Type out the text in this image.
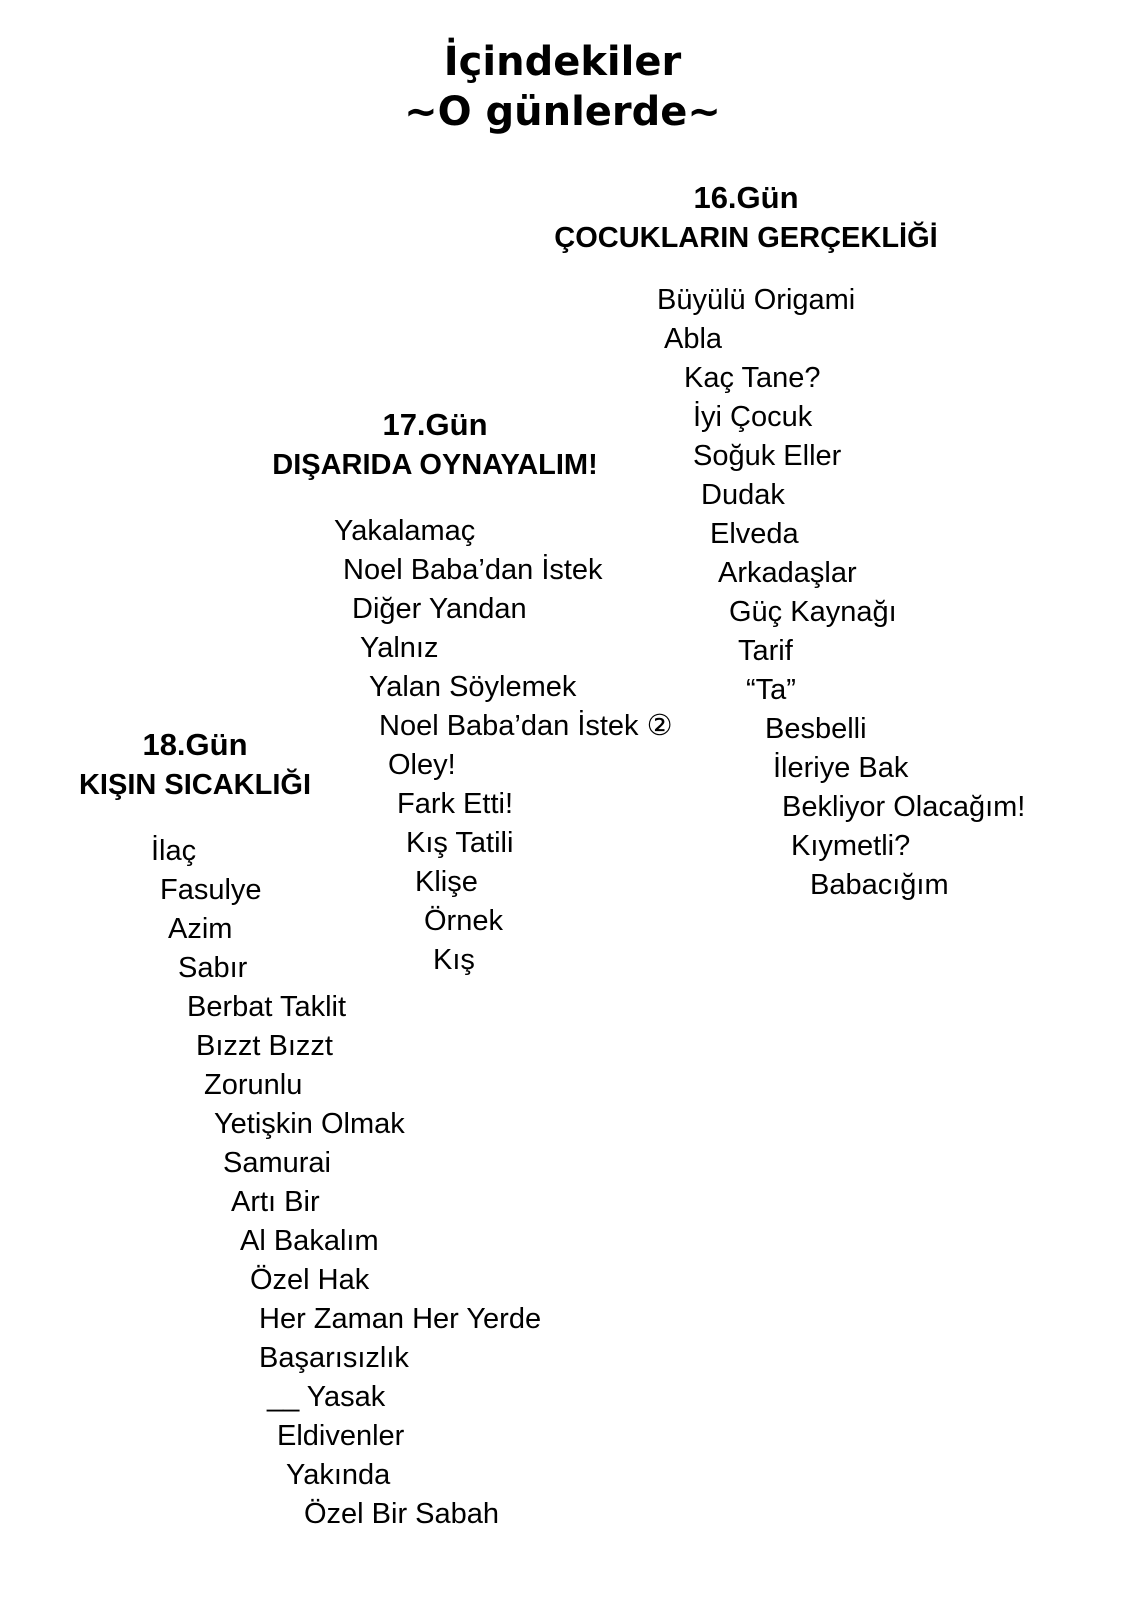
İçindekiler
~O günlerde~
16.Gün
ÇOCUKLARIN GERÇEKLİĞİ
Büyülü Origami
Abla
Kaç Tane?
İyi Çocuk
Soğuk Eller
Dudak
Elveda
Arkadaşlar
Güç Kaynağı
Tarif
“Ta”
Besbelli
İleriye Bak
Bekliyor Olacağım!
Kıymetli?
Babacığım
17.Gün
DIŞARIDA OYNAYALIM!
Yakalamaç
Noel Baba’dan İstek
Diğer Yandan
Yalnız
Yalan Söylemek
Noel Baba’dan İstek ②
Oley!
Fark Etti!
Kış Tatili
Klişe
Örnek
Kış
18.Gün
KIŞIN SICAKLIĞI
İlaç
Fasulye
Azim
Sabır
Berbat Taklit
Bızzt Bızzt
Zorunlu
Yetişkin Olmak
Samurai
Artı Bir
Al Bakalım
Özel Hak
Her Zaman Her Yerde
Başarısızlık
__ Yasak
Eldivenler
Yakında
Özel Bir Sabah
